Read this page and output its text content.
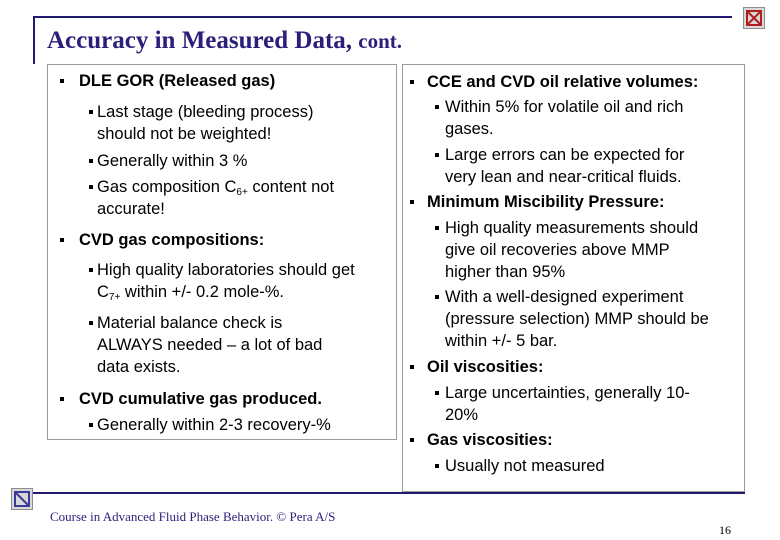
Accuracy in Measured Data, cont.
DLE GOR (Released gas)
Last stage (bleeding process)
should not be weighted!
Generally within 3 %
Gas composition $C_{6+}$ content not
accurate!
CVD gas compositions:
High quality laboratories should get
$C_{7+}$ within +/- 0.2 mole-%.
Material balance check is
ALWAYS needed – a lot of bad
data exists.
CVD cumulative gas produced.
Generally within 2-3 recovery-%
CCE and CVD oil relative volumes:
Within 5% for volatile oil and rich
gases.
Large errors can be expected for
very lean and near-critical fluids.
Minimum Miscibility Pressure:
High quality measurements should
give oil recoveries above MMP
higher than 95%
With a well-designed experiment
(pressure selection) MMP should be
within +/- 5 bar.
Oil viscosities:
Large uncertainties, generally 10-
20%
Gas viscosities:
Usually not measured
Course in Advanced Fluid Phase Behavior. © Pera A/S
16
